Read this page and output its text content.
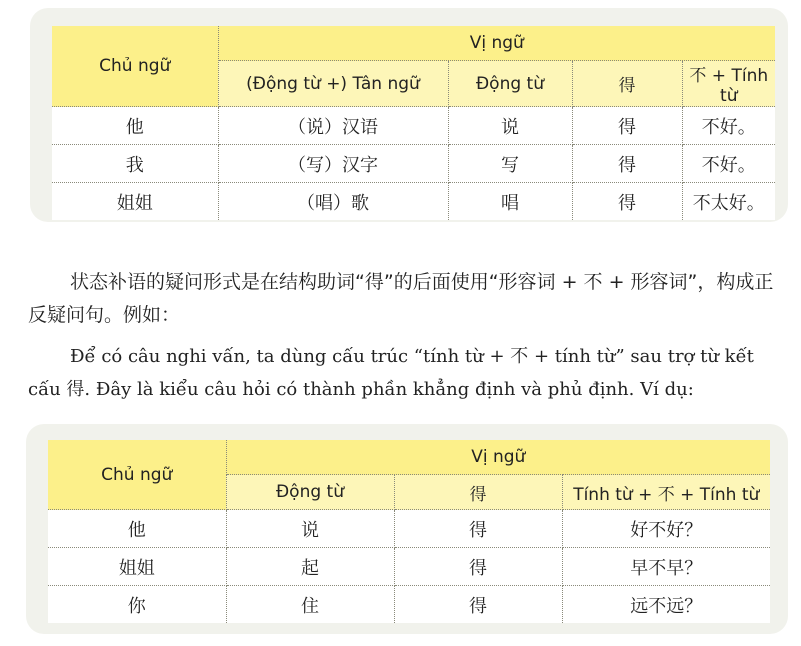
Chủ ngữ	Vị ngữ			
	(Động từ +) Tân ngữ	Động từ	得	不 + Tính từ
他	（说）汉语	说	得	不好。
我	（写）汉字	写	得	不好。
姐姐	（唱）歌	唱	得	不太好。

状态补语的疑问形式是在结构助词“得”的后面使用“形容词 + 不 + 形容词”，构成正反疑问句。例如：

Để có câu nghi vấn, ta dùng cấu trúc “tính từ + 不 + tính từ” sau trợ từ kết cấu 得. Đây là kiểu câu hỏi có thành phần khẳng định và phủ định. Ví dụ:

Chủ ngữ	Vị ngữ		
	Động từ	得	Tính từ + 不 + Tính từ
他	说	得	好不好？
姐姐	起	得	早不早？
你	住	得	远不远？
